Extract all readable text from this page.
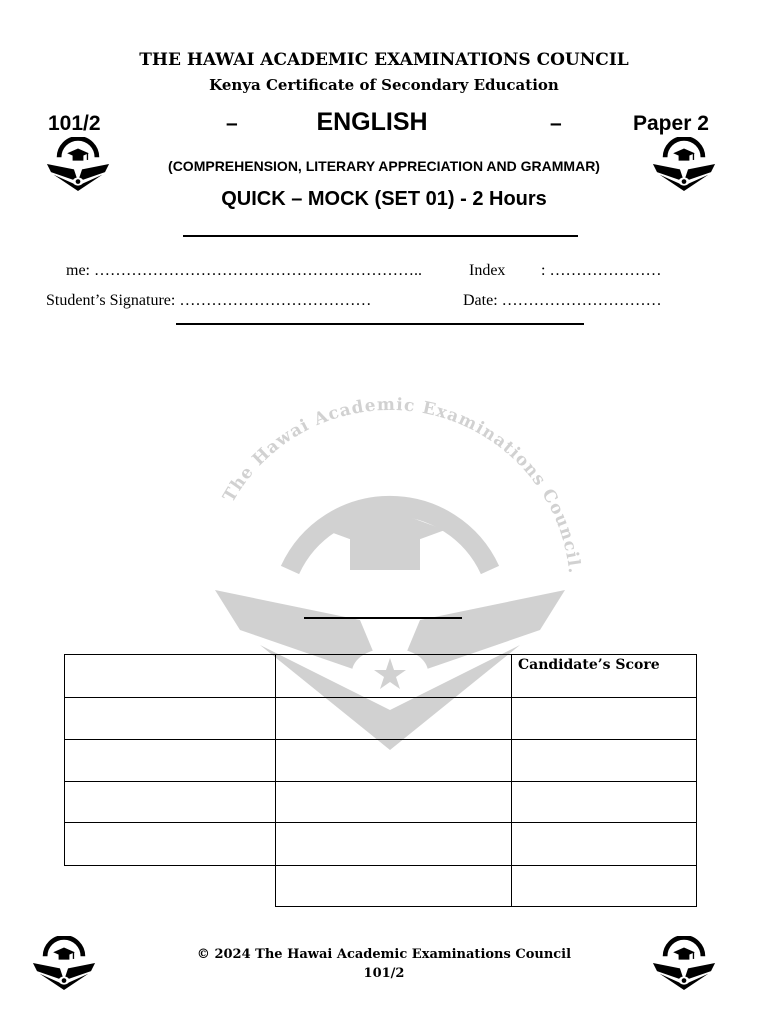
THE HAWAI ACADEMIC EXAMINATIONS COUNCIL
Kenya Certificate of Secondary Education
101/2	–	ENGLISH	–	Paper 2
(COMPREHENSION, LITERARY APPRECIATION AND GRAMMAR)
QUICK – MOCK (SET 01) - 2 Hours
me: ……………………………………………………..	Index : …………………
Student’s Signature: ………………………………	Date: …………………………
The Hawai Academic Examinations Council.
		Candidate’s Score

© 2024 The Hawai Academic Examinations Council
101/2
